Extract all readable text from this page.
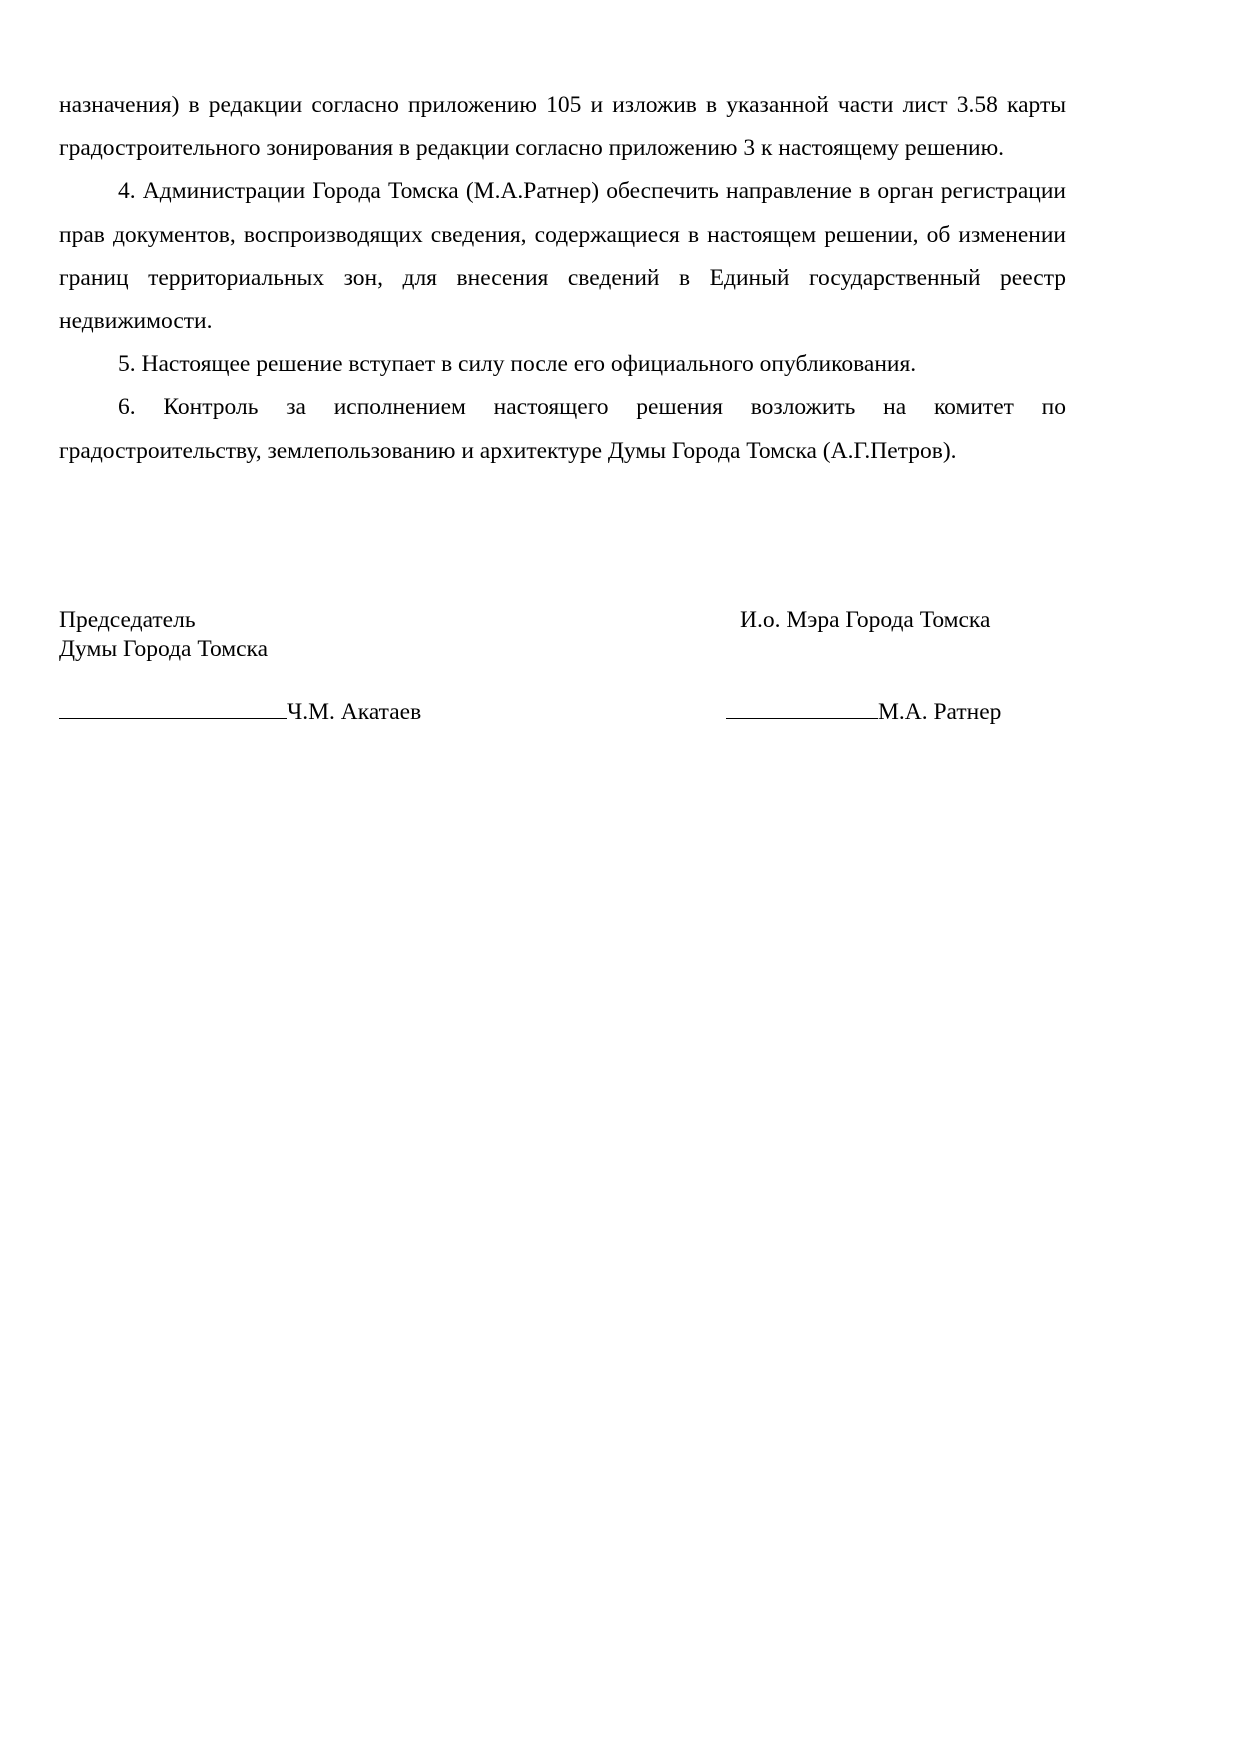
назначения) в редакции согласно приложению 105 и изложив в указанной части лист 3.58 карты градостроительного зонирования в редакции согласно приложению 3 к настоящему решению.

4. Администрации Города Томска (М.А.Ратнер) обеспечить направление в орган регистрации прав документов, воспроизводящих сведения, содержащиеся в настоящем решении, об изменении границ территориальных зон, для внесения сведений в Единый государственный реестр недвижимости.

5. Настоящее решение вступает в силу после его официального опубликования.

6. Контроль за исполнением настоящего решения возложить на комитет по градостроительству, землепользованию и архитектуре Думы Города Томска (А.Г.Петров).

Председатель
Думы Города Томска
И.о. Мэра Города Томска
Ч.М. Акатаев	М.А. Ратнер
